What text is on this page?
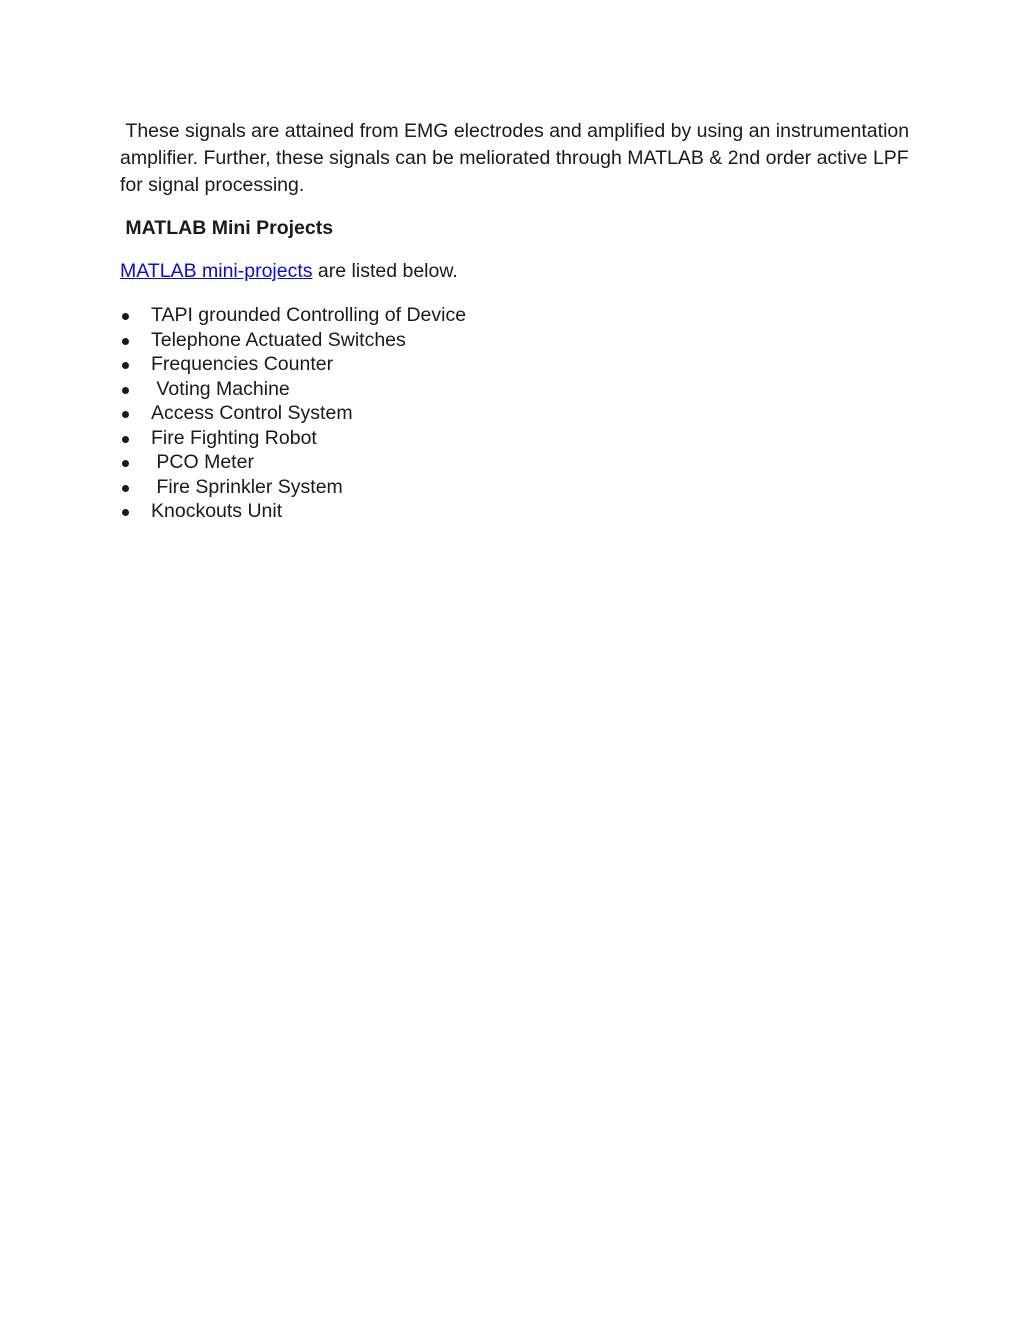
These signals are attained from EMG electrodes and amplified by using an instrumentation amplifier. Further, these signals can be meliorated through MATLAB & 2nd order active LPF for signal processing.
MATLAB Mini Projects
MATLAB mini-projects are listed below.
TAPI grounded Controlling of Device
Telephone Actuated Switches
Frequencies Counter
Voting Machine
Access Control System
Fire Fighting Robot
PCO Meter
Fire Sprinkler System
Knockouts Unit
